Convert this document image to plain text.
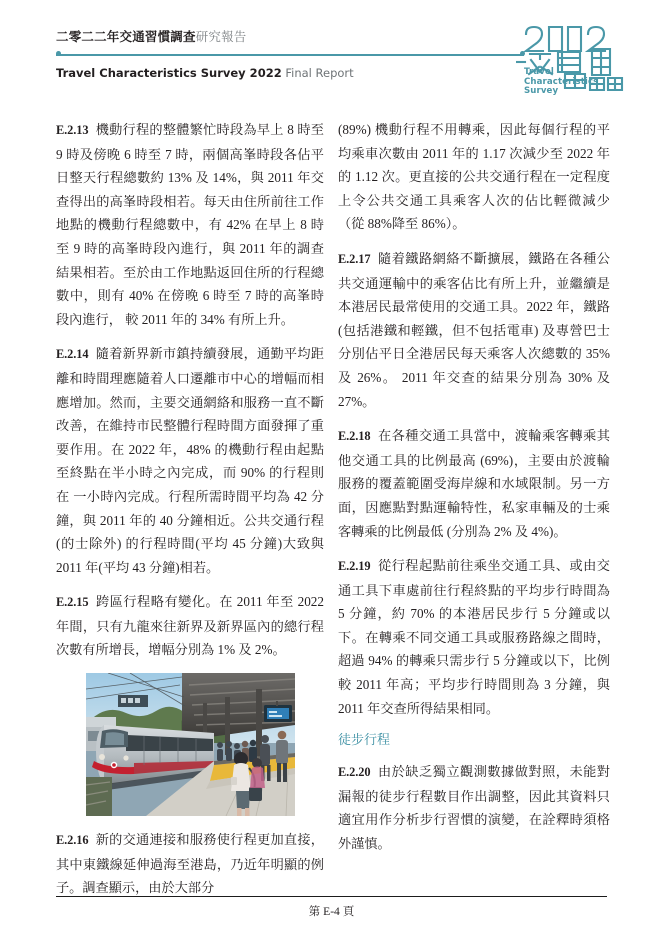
二零二二年交通習慣調查研究報告
Travel Characteristics Survey 2022 Final Report	Travel
Characteristics
Survey

E.2.13 機動行程的整體繁忙時段為早上 8 時至 9 時及傍晚 6 時至 7 時，兩個高峯時段各佔平日整天行程總數約 13% 及 14%，與 2011 年交查得出的高峯時段相若。每天由住所前往工作地點的機動行程總數中，有 42% 在早上 8 時至 9 時的高峯時段內進行，與 2011 年的調查結果相若。至於由工作地點返回住所的行程總數中，則有 40% 在傍晚 6 時至 7 時的高峯時段內進行， 較 2011 年的 34% 有所上升。

E.2.14 隨着新界新市鎮持續發展，通勤平均距離和時間理應隨着人口遷離市中心的增幅而相應增加。然而，主要交通網絡和服務一直不斷改善，在維持市民整體行程時間方面發揮了重要作用。在 2022 年，48% 的機動行程由起點至終點在半小時之內完成，而 90% 的行程則在 一小時內完成。行程所需時間平均為 42 分鐘，與 2011 年的 40 分鐘相近。公共交通行程 (的士除外) 的行程時間(平均 45 分鐘)大致與 2011 年(平均 43 分鐘)相若。

E.2.15 跨區行程略有變化。在 2011 年至 2022 年間，只有九龍來往新界及新界區內的總行程次數有所增長，增幅分別為 1% 及 2%。

E.2.16 新的交通連接和服務使行程更加直接，其中東鐵線延伸過海至港島，乃近年明顯的例子。調查顯示，由於大部分

(89%) 機動行程不用轉乘，因此每個行程的平均乘車次數由 2011 年的 1.17 次減少至 2022 年的 1.12 次。更直接的公共交通行程在一定程度上令公共交通工具乘客人次的佔比輕微減少（從 88%降至 86%）。

E.2.17 隨着鐵路網絡不斷擴展，鐵路在各種公共交通運輸中的乘客佔比有所上升，並繼續是本港居民最常使用的交通工具。2022 年，鐵路 (包括港鐵和輕鐵，但不包括電車) 及專營巴士分別佔平日全港居民每天乘客人次總數的 35% 及 26%。 2011 年交查的結果分別為 30% 及 27%。

E.2.18 在各種交通工具當中，渡輪乘客轉乘其他交通工具的比例最高 (69%)，主要由於渡輪服務的覆蓋範圍受海岸線和水域限制。另一方面，因應點對點運輸特性，私家車輛及的士乘客轉乘的比例最低 (分別為 2% 及 4%)。

E.2.19 從行程起點前往乘坐交通工具、或由交通工具下車處前往行程終點的平均步行時間為 5 分鐘，約 70% 的本港居民步行 5 分鐘或以下。在轉乘不同交通工具或服務路線之間時，超過 94% 的轉乘只需步行 5 分鐘或以下，比例較 2011 年高；平均步行時間則為 3 分鐘，與 2011 年交查所得結果相同。

徒步行程

E.2.20 由於缺乏獨立觀測數據做對照，未能對漏報的徒步行程數目作出調整，因此其資料只適宜用作分析步行習慣的演變，在詮釋時須格外謹慎。

第 E-4 頁
